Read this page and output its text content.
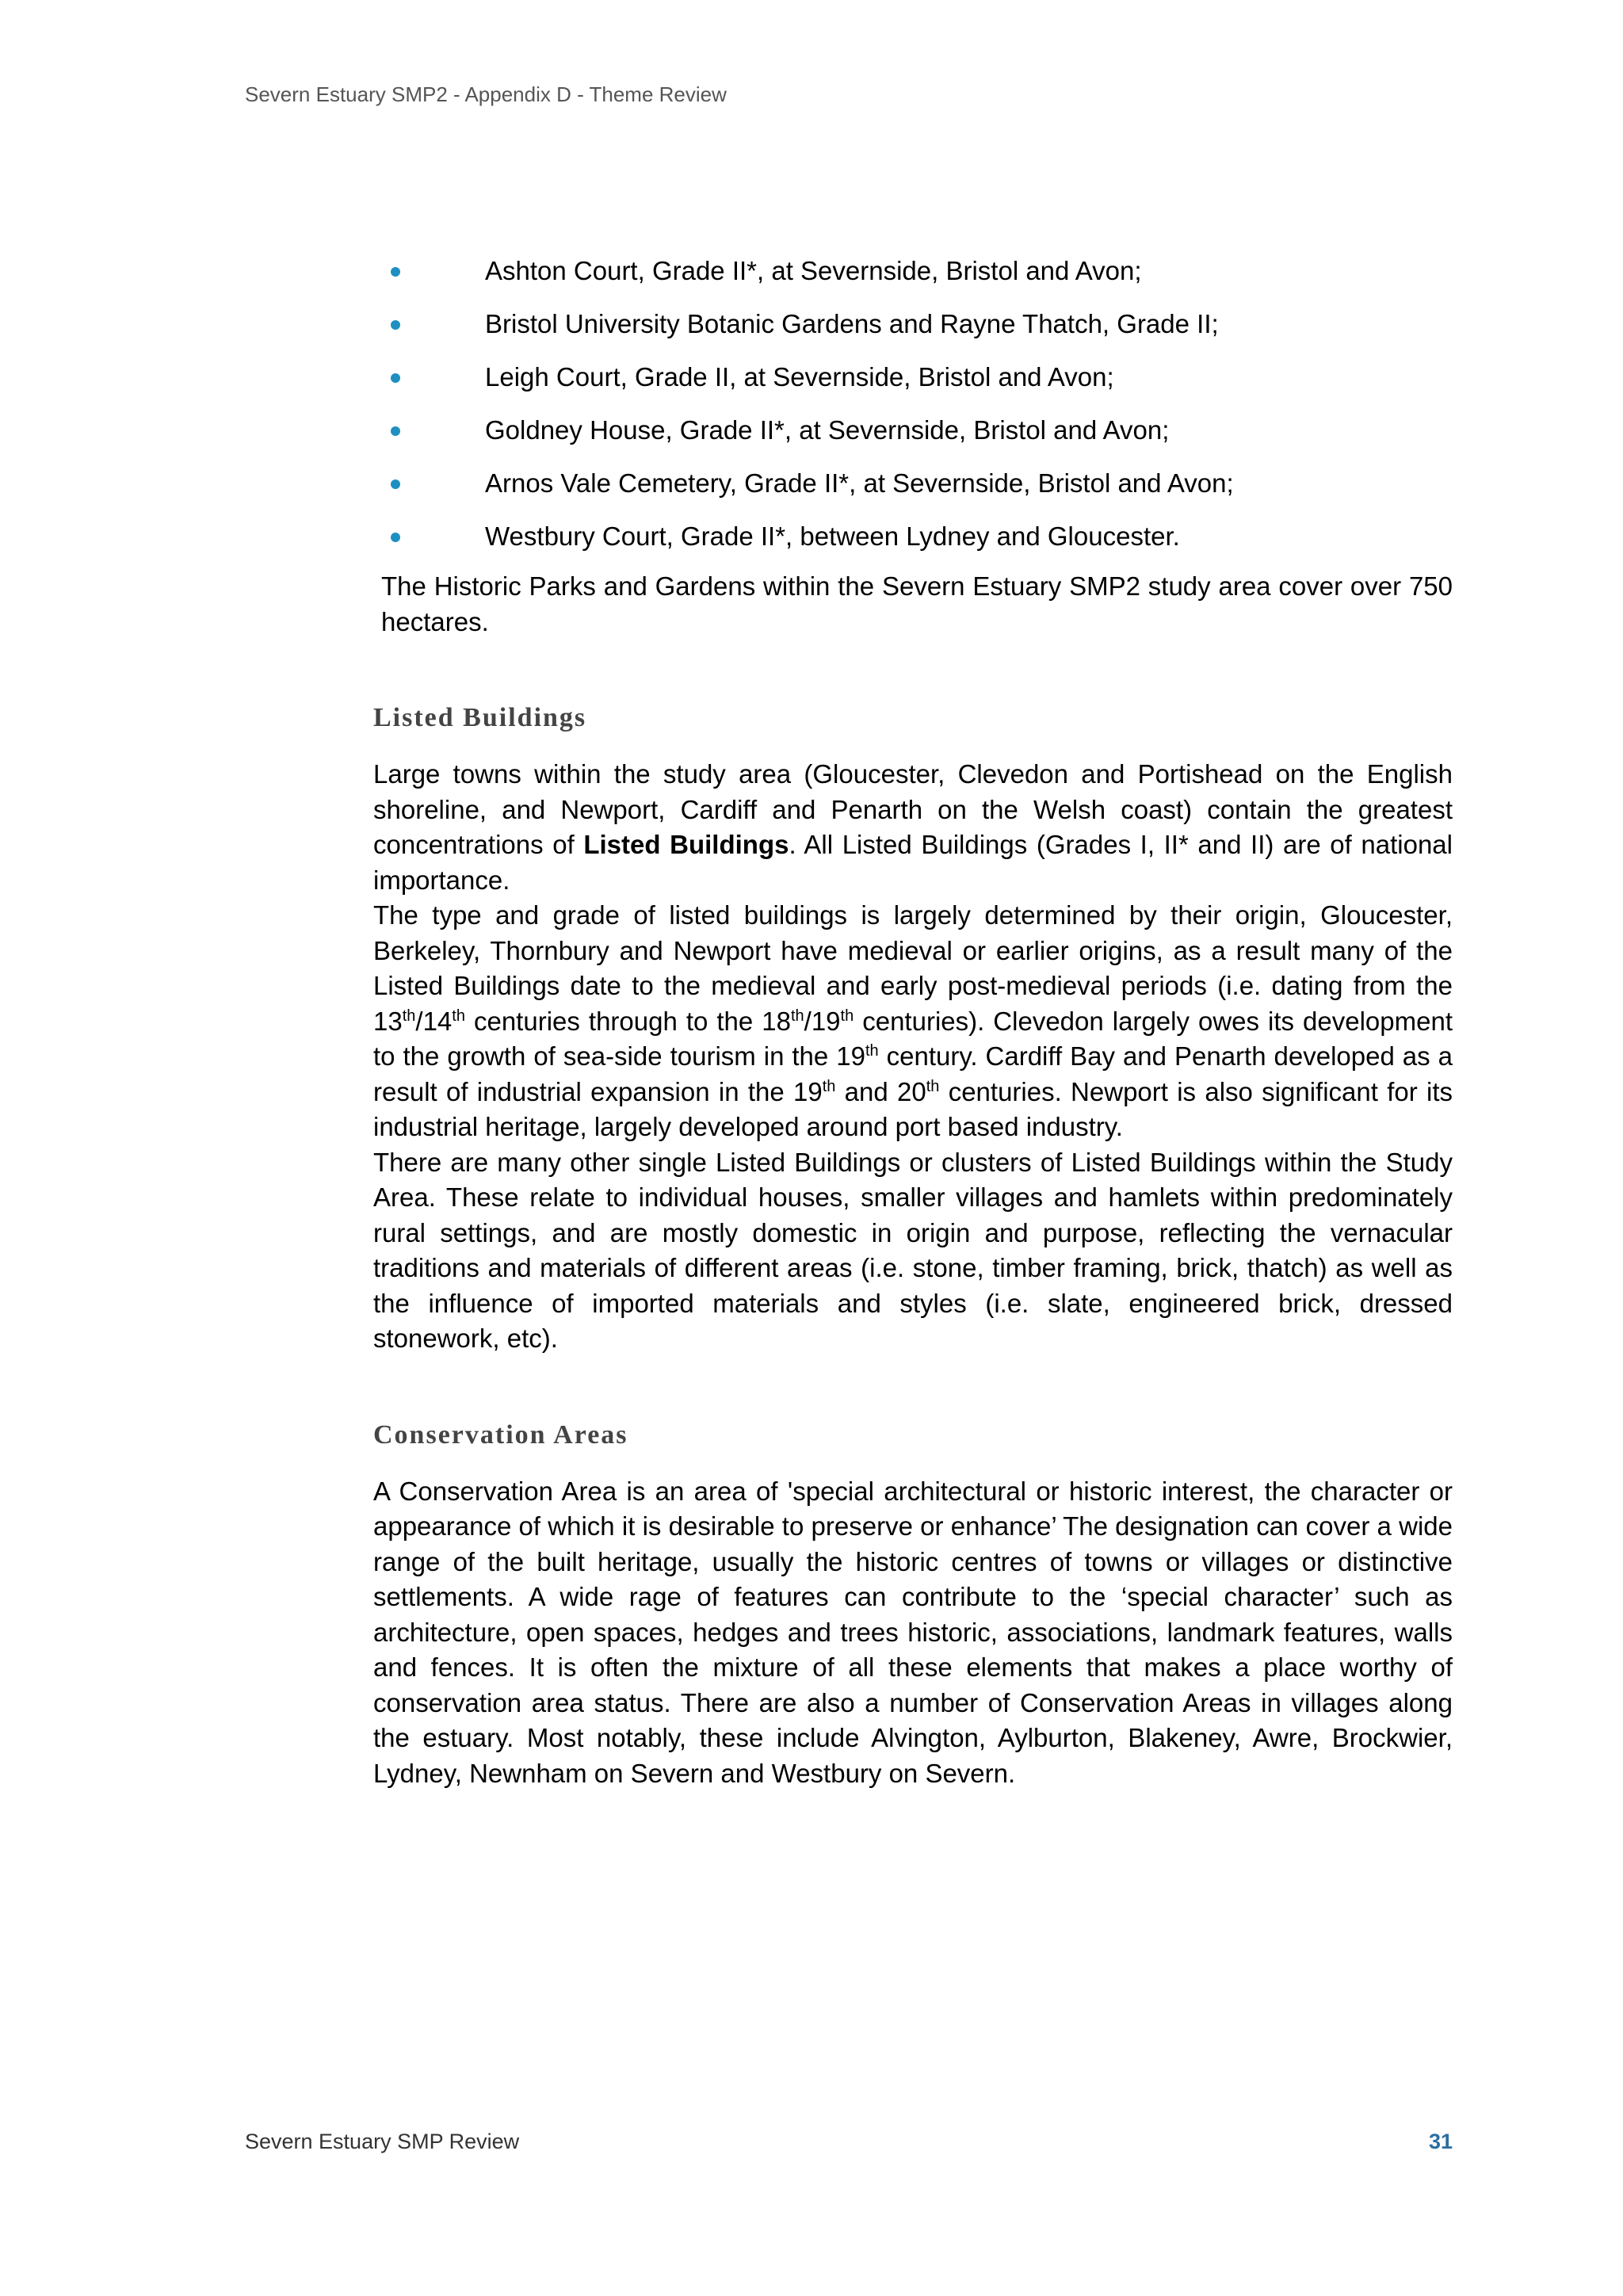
Severn Estuary SMP2 - Appendix D - Theme Review
Ashton Court, Grade II*, at Severnside, Bristol and Avon;
Bristol University Botanic Gardens and Rayne Thatch, Grade II;
Leigh Court, Grade II, at Severnside, Bristol and Avon;
Goldney House, Grade II*, at Severnside, Bristol and Avon;
Arnos Vale Cemetery, Grade II*, at Severnside, Bristol and Avon;
Westbury Court, Grade II*, between Lydney and Gloucester.

The Historic Parks and Gardens within the Severn Estuary SMP2 study area cover over 750 hectares.

Listed Buildings

Large towns within the study area (Gloucester, Clevedon and Portishead on the English shoreline, and Newport, Cardiff and Penarth on the Welsh coast) contain the greatest concentrations of Listed Buildings. All Listed Buildings (Grades I, II* and II) are of national importance.

The type and grade of listed buildings is largely determined by their origin, Gloucester, Berkeley, Thornbury and Newport have medieval or earlier origins, as a result many of the Listed Buildings date to the medieval and early post-medieval periods (i.e. dating from the 13th/14th centuries through to the 18th/19th centuries). Clevedon largely owes its development to the growth of sea-side tourism in the 19th century. Cardiff Bay and Penarth developed as a result of industrial expansion in the 19th and 20th centuries. Newport is also significant for its industrial heritage, largely developed around port based industry.

There are many other single Listed Buildings or clusters of Listed Buildings within the Study Area. These relate to individual houses, smaller villages and hamlets within predominately rural settings, and are mostly domestic in origin and purpose, reflecting the vernacular traditions and materials of different areas (i.e. stone, timber framing, brick, thatch) as well as the influence of imported materials and styles (i.e. slate, engineered brick, dressed stonework, etc).

Conservation Areas

A Conservation Area is an area of 'special architectural or historic interest, the character or appearance of which it is desirable to preserve or enhance’ The designation can cover a wide range of the built heritage, usually the historic centres of towns or villages or distinctive settlements. A wide rage of features can contribute to the ‘special character’ such as architecture, open spaces, hedges and trees historic, associations, landmark features, walls and fences. It is often the mixture of all these elements that makes a place worthy of conservation area status. There are also a number of Conservation Areas in villages along the estuary. Most notably, these include Alvington, Aylburton, Blakeney, Awre, Brockwier, Lydney, Newnham on Severn and Westbury on Severn.

Severn Estuary SMP Review	31
